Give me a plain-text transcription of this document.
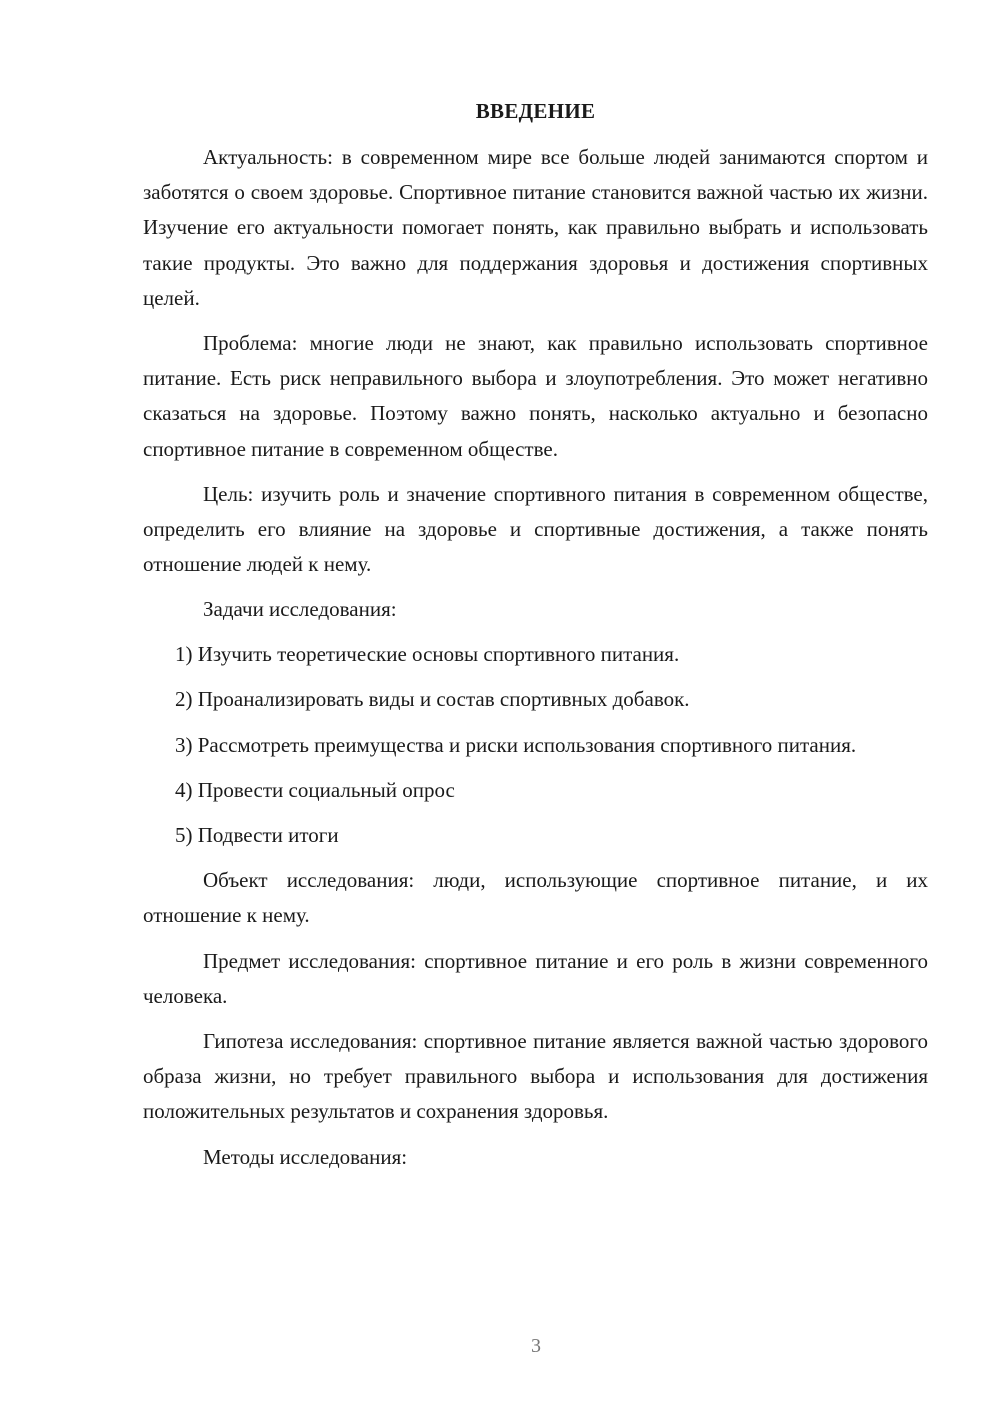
ВВЕДЕНИЕ

Актуальность: в современном мире все больше людей занимаются спортом и заботятся о своем здоровье. Спортивное питание становится важной частью их жизни. Изучение его актуальности помогает понять, как правильно выбрать и использовать такие продукты. Это важно для поддержания здоровья и достижения спортивных целей.

Проблема: многие люди не знают, как правильно использовать спортивное питание. Есть риск неправильного выбора и злоупотребления. Это может негативно сказаться на здоровье. Поэтому важно понять, насколько актуально и безопасно спортивное питание в современном обществе.

Цель: изучить роль и значение спортивного питания в современном обществе, определить его влияние на здоровье и спортивные достижения, а также понять отношение людей к нему.

Задачи исследования:

1) Изучить теоретические основы спортивного питания.

2) Проанализировать виды и состав спортивных добавок.

3) Рассмотреть преимущества и риски использования спортивного питания.

4) Провести социальный опрос

5) Подвести итоги

Объект исследования: люди, использующие спортивное питание, и их отношение к нему.

Предмет исследования: спортивное питание и его роль в жизни современного человека.

Гипотеза исследования: спортивное питание является важной частью здорового образа жизни, но требует правильного выбора и использования для достижения положительных результатов и сохранения здоровья.

Методы исследования:

3
